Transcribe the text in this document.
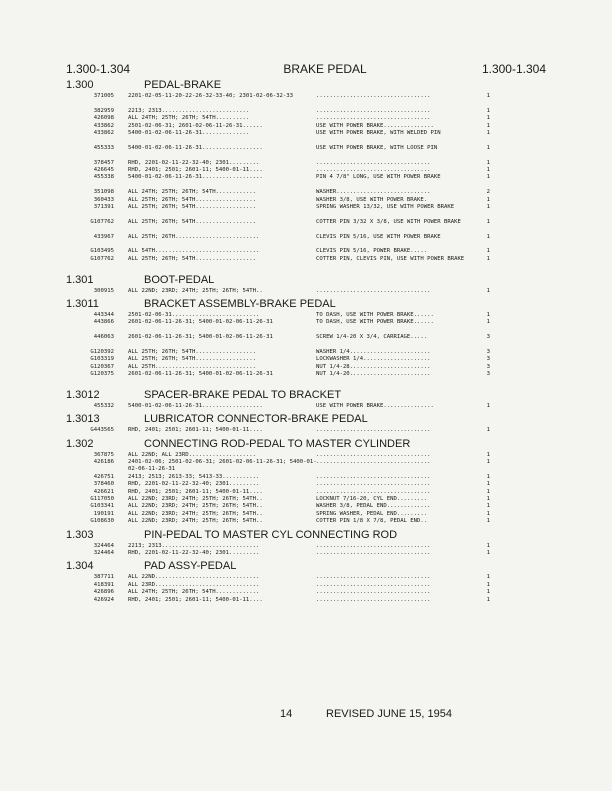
1.300-1.304	BRAKE PEDAL	1.300-1.304
1.300	PEDAL-BRAKE
371005	2201-02-05-11-20-22-26-32-33-40; 2301-02-06-32-33	..................................	1
382959	2213; 2313..........................	..................................	1
426098	ALL 24TH; 25TH; 26TH; 54TH..........	..................................	1
433862	2501-02-06-31; 2601-02-06-11-26-31......	USE WITH POWER BRAKE...............	1
433862	5400-01-02-06-11-26-31..............	USE WITH POWER BRAKE, WITH WELDED PIN	1
455333	5400-01-02-06-11-26-31..................	USE WITH POWER BRAKE, WITH LOOSE PIN	1
378457	RHD, 2201-02-11-22-32-40; 2301.........	..................................	1
426645	RHD, 2401; 2501; 2601-11; 5400-01-11....	..................................	1
455338	5400-01-02-06-11-26-31..................	PIN 4 7/8" LONG, USE WITH POWER BRAKE	1
351098	ALL 24TH; 25TH; 26TH; 54TH............	WASHER............................	2
360433	ALL 25TH; 26TH; 54TH..................	WASHER 3/8, USE WITH POWER BRAKE.	1
371391	ALL 25TH; 26TH; 54TH..................	SPRING WASHER 13/32, USE WITH POWER BRAKE	1
G107762	ALL 25TH; 26TH; 54TH..................	COTTER PIN 3/32 X 3/8, USE WITH POWER BRAKE	1
433967	ALL 25TH; 26TH.........................	CLEVIS PIN 5/16, USE WITH POWER BRAKE	1
G103495	ALL 54TH...............................	CLEVIS PIN 5/16, POWER BRAKE.....	1
G107762	ALL 25TH; 26TH; 54TH..................	COTTER PIN, CLEVIS PIN, USE WITH POWER BRAKE	1
1.301	BOOT-PEDAL
300915	ALL 22ND; 23RD; 24TH; 25TH; 26TH; 54TH..	..................................	1
1.3011	BRACKET ASSEMBLY-BRAKE PEDAL
443344	2501-02-06-31..........................	TO DASH, USE WITH POWER BRAKE......	1
443866	2601-02-06-11-26-31; 5400-01-02-06-11-26-31	TO DASH, USE WITH POWER BRAKE......	1
446063	2601-02-06-11-26-31; 5400-01-02-06-11-26-31	SCREW 1/4-20 X 3/4, CARRIAGE.....	3
G120392	ALL 25TH; 26TH; 54TH..................	WASHER 1/4........................	3
G103319	ALL 25TH; 26TH; 54TH..................	LOCKWASHER 1/4....................	3
G120367	ALL 25TH..............................	NUT 1/4-28........................	3
G120375	2601-02-06-11-26-31; 5400-01-02-06-11-26-31	NUT 1/4-20........................	3
1.3012	SPACER-BRAKE PEDAL TO BRACKET
455332	5400-01-02-06-11-26-31..................	USE WITH POWER BRAKE...............	1
1.3013	LUBRICATOR CONNECTOR-BRAKE PEDAL
G443565	RHD, 2401; 2501; 2601-11; 5400-01-11....	..................................	1
1.302	CONNECTING ROD-PEDAL TO MASTER CYLINDER
367875	ALL 22ND; ALL 23RD....................	..................................	1
426186	2401-02-06; 2501-02-06-31; 2601-02-06-11-26-31; 5400-01-02-06-11-26-31
..................................	1
426751	2413; 2513; 2613-33; 5413-33...........	..................................	1
378460	RHD, 2201-02-11-22-32-40; 2301.........	..................................	1
426621	RHD, 2401; 2501; 2601-11; 5400-01-11....	..................................	1
G117050	ALL 22ND; 23RD; 24TH; 25TH; 26TH; 54TH..	LOCKNUT 7/16-20, CYL END.........	1
G103341	ALL 22ND; 23RD; 24TH; 25TH; 26TH; 54TH..	WASHER 3/8, PEDAL END.............	1
190191	ALL 22ND; 23RD; 24TH; 25TH; 26TH; 54TH..	SPRING WASHER, PEDAL END.........	1
G108630	ALL 22ND; 23RD; 24TH; 25TH; 26TH; 54TH..	COTTER PIN 1/8 X 7/8, PEDAL END..	1
1.303	PIN-PEDAL TO MASTER CYL CONNECTING ROD
324464	2213; 2313.............................	..................................	1
324464	RHD, 2201-02-11-22-32-40; 2301.........	..................................	1
1.304	PAD ASSY-PEDAL
387711	ALL 22ND...............................	..................................	1
418391	ALL 23RD...............................	..................................	1
426896	ALL 24TH; 25TH; 26TH; 54TH.............	..................................	1
426924	RHD, 2401; 2501; 2601-11; 5400-01-11....	..................................	1
14	REVISED JUNE 15, 1954
